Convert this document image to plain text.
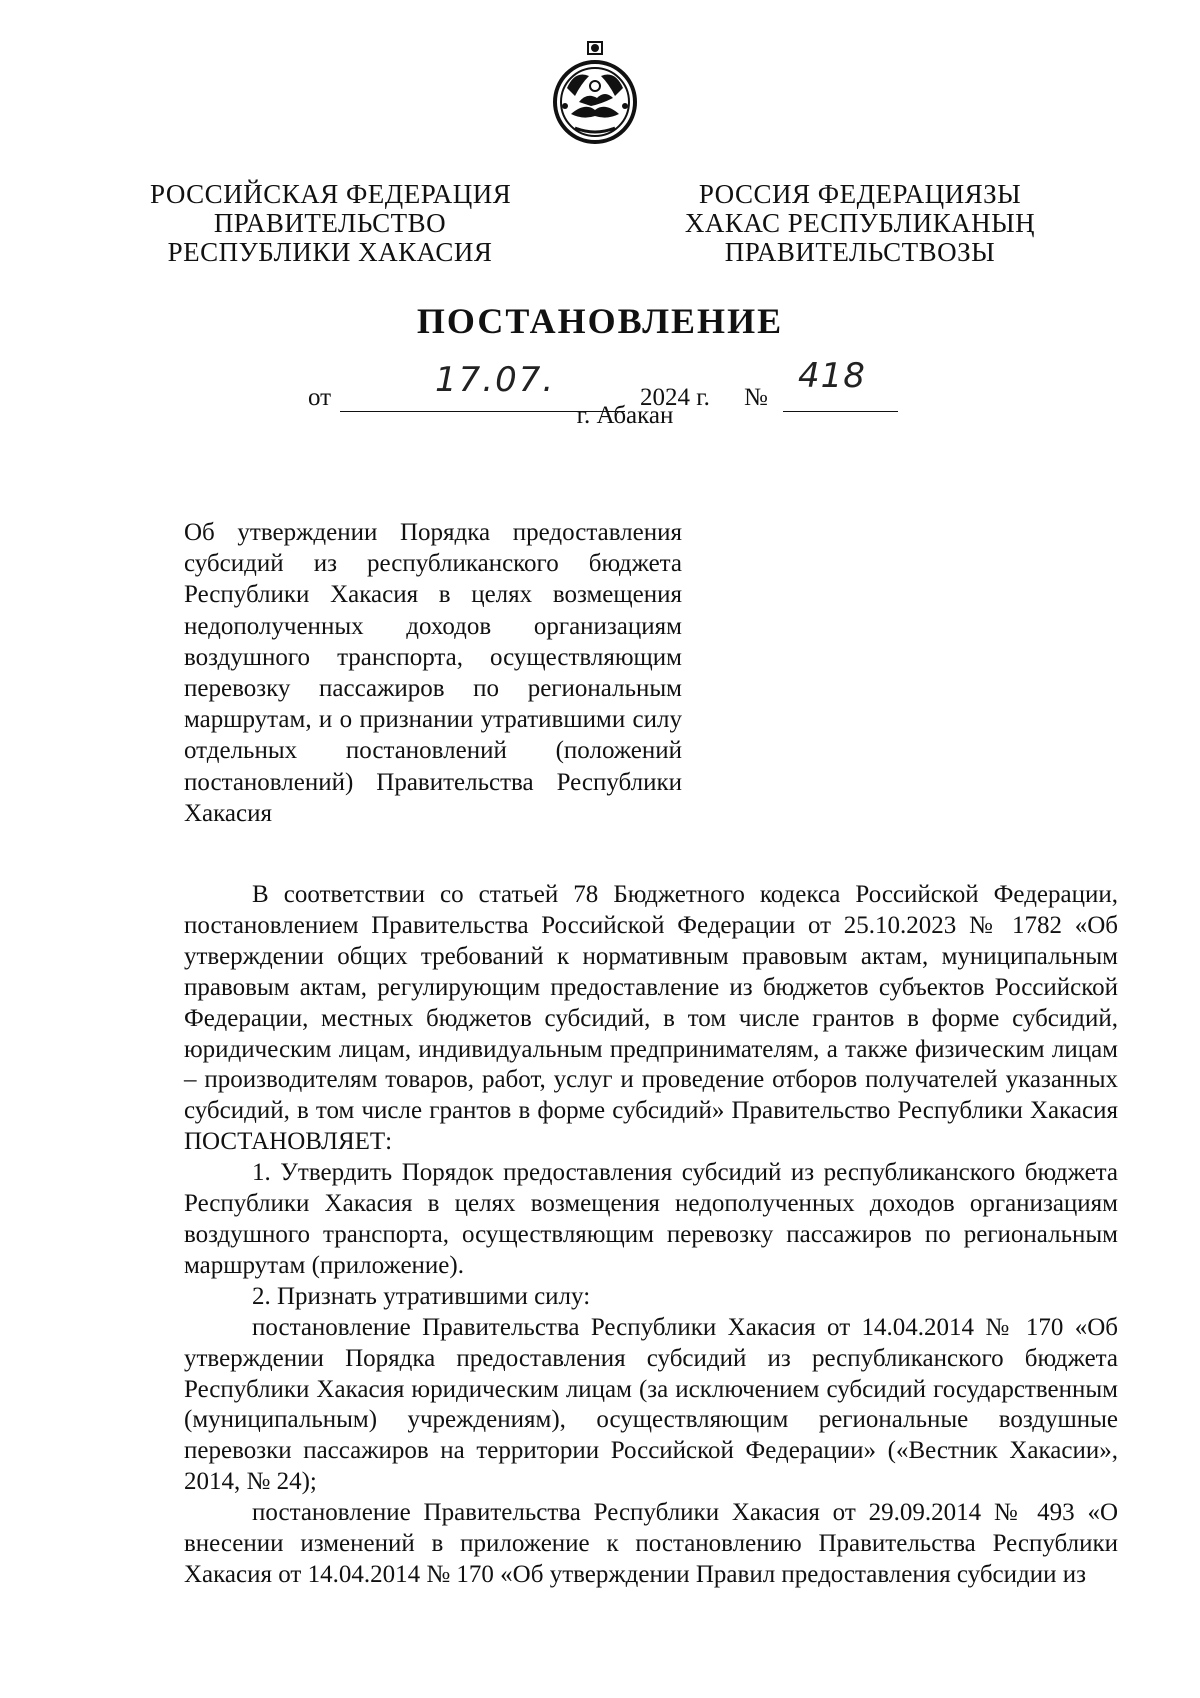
РОССИЙСКАЯ ФЕДЕРАЦИЯ
ПРАВИТЕЛЬСТВО
РЕСПУБЛИКИ ХАКАСИЯ
РОССИЯ ФЕДЕРАЦИЯЗЫ
ХАКАС РЕСПУБЛИКАНЫҢ
ПРАВИТЕЛЬСТВОЗЫ
ПОСТАНОВЛЕНИЕ
от	17.07.	2024 г. №
418
г. Абакан
Об утверждении Порядка предоставления субсидий из республиканского бюджета Республики Хакасия в целях возмещения недополученных доходов организациям воздушного транспорта, осуществляющим перевозку пассажиров по региональным маршрутам, и о признании утратившими силу отдельных постановлений (положений постановлений) Правительства Республики Хакасия

В соответствии со статьей 78 Бюджетного кодекса Российской Федерации, постановлением Правительства Российской Федерации от 25.10.2023 № 1782 «Об утверждении общих требований к нормативным правовым актам, муниципальным правовым актам, регулирующим предоставление из бюджетов субъектов Российской Федерации, местных бюджетов субсидий, в том числе грантов в форме субсидий, юридическим лицам, индивидуальным предпринимателям, а также физическим лицам – производителям товаров, работ, услуг и проведение отборов получателей указанных субсидий, в том числе грантов в форме субсидий» Правительство Республики Хакасия ПОСТАНОВЛЯЕТ:

1. Утвердить Порядок предоставления субсидий из республиканского бюджета Республики Хакасия в целях возмещения недополученных доходов организациям воздушного транспорта, осуществляющим перевозку пассажиров по региональным маршрутам (приложение).

2. Признать утратившими силу:

постановление Правительства Республики Хакасия от 14.04.2014 № 170 «Об утверждении Порядка предоставления субсидий из республиканского бюджета Республики Хакасия юридическим лицам (за исключением субсидий государственным (муниципальным) учреждениям), осуществляющим региональные воздушные перевозки пассажиров на территории Российской Федерации» («Вестник Хакасии», 2014, № 24);

постановление Правительства Республики Хакасия от 29.09.2014 № 493 «О внесении изменений в приложение к постановлению Правительства Республики Хакасия от 14.04.2014 № 170 «Об утверждении Правил предоставления субсидии из
